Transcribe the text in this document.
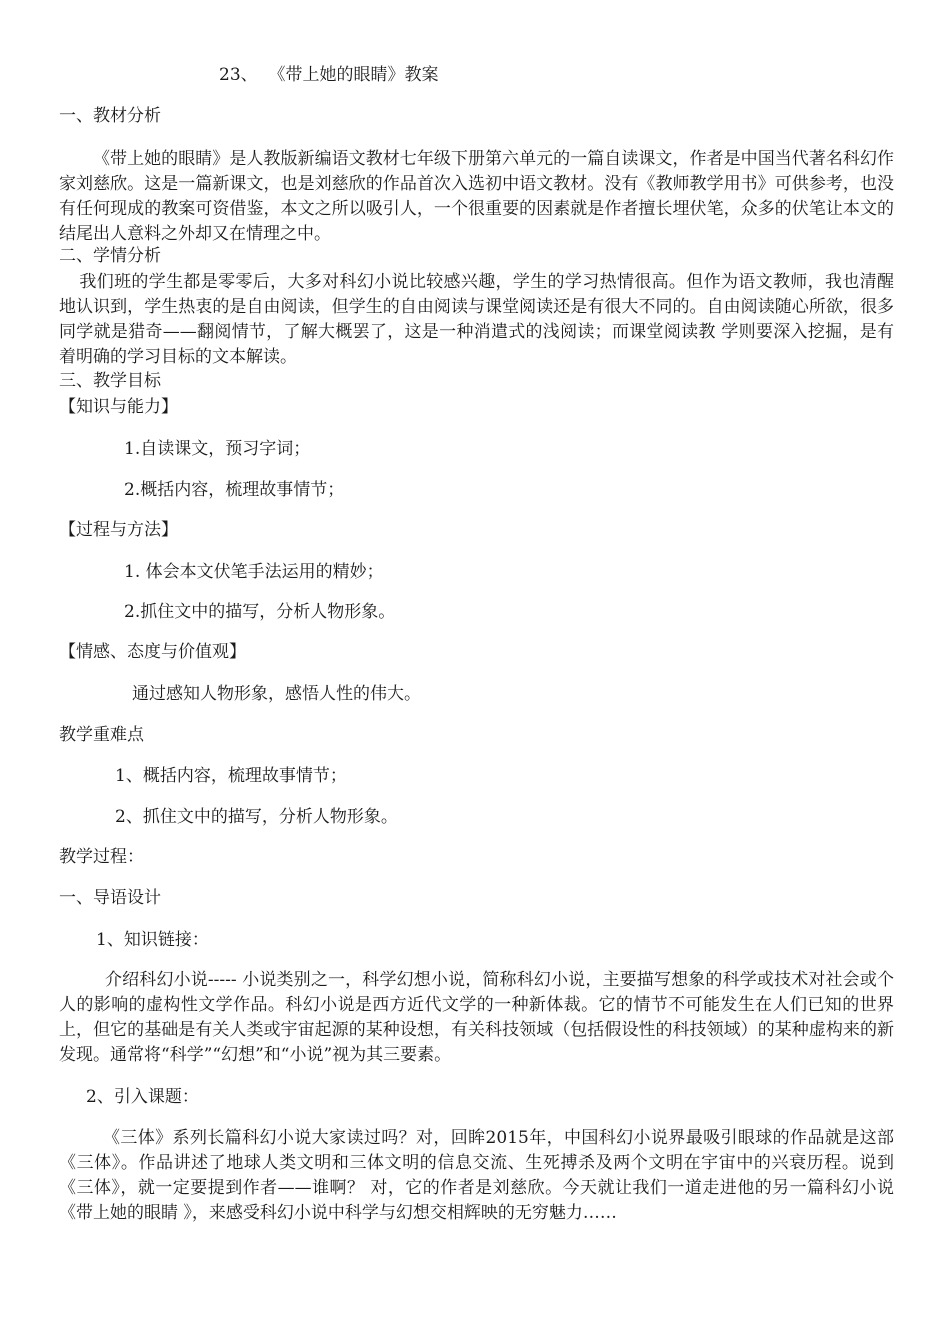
23、  《带上她的眼睛》教案
一、教材分析
《带上她的眼睛》是人教版新编语文教材七年级下册第六单元的一篇自读课文，作者是中国当代著名科幻作家刘慈欣。这是一篇新课文，也是刘慈欣的作品首次入选初中语文教材。没有《教师教学用书》可供参考，也没有任何现成的教案可资借鉴，本文之所以吸引人，一个很重要的因素就是作者擅长埋伏笔，众多的伏笔让本文的结尾出人意料之外却又在情理之中。
二、学情分析
我们班的学生都是零零后，大多对科幻小说比较感兴趣，学生的学习热情很高。但作为语文教师，我也清醒地认识到，学生热衷的是自由阅读，但学生的自由阅读与课堂阅读还是有很大不同的。自由阅读随心所欲，很多同学就是猎奇——翻阅情节，了解大概罢了，这是一种消遣式的浅阅读；而课堂阅读教 学则要深入挖掘，是有着明确的学习目标的文本解读。
三、教学目标
【知识与能力】
1.自读课文，预习字词；
2.概括内容，梳理故事情节；
【过程与方法】
1. 体会本文伏笔手法运用的精妙；
2.抓住文中的描写，分析人物形象。
【情感、态度与价值观】
通过感知人物形象，感悟人性的伟大。
教学重难点
1、概括内容，梳理故事情节；
2、抓住文中的描写，分析人物形象。
教学过程：
一、导语设计
1、知识链接：
介绍科幻小说----- 小说类别之一，科学幻想小说，简称科幻小说，主要描写想象的科学或技术对社会或个人的影响的虚构性文学作品。科幻小说是西方近代文学的一种新体裁。它的情节不可能发生在人们已知的世界上，但它的基础是有关人类或宇宙起源的某种设想，有关科技领域（包括假设性的科技领域）的某种虚构来的新发现。通常将“科学”“幻想”和“小说”视为其三要素。
2、引入课题：
《三体》系列长篇科幻小说大家读过吗？对，回眸2015年，中国科幻小说界最吸引眼球的作品就是这部《三体》。作品讲述了地球人类文明和三体文明的信息交流、生死搏杀及两个文明在宇宙中的兴衰历程。说到《三体》，就一定要提到作者——谁啊？ 对，它的作者是刘慈欣。今天就让我们一道走进他的另一篇科幻小说《带上她的眼睛 》，来感受科幻小说中科学与幻想交相辉映的无穷魅力……
